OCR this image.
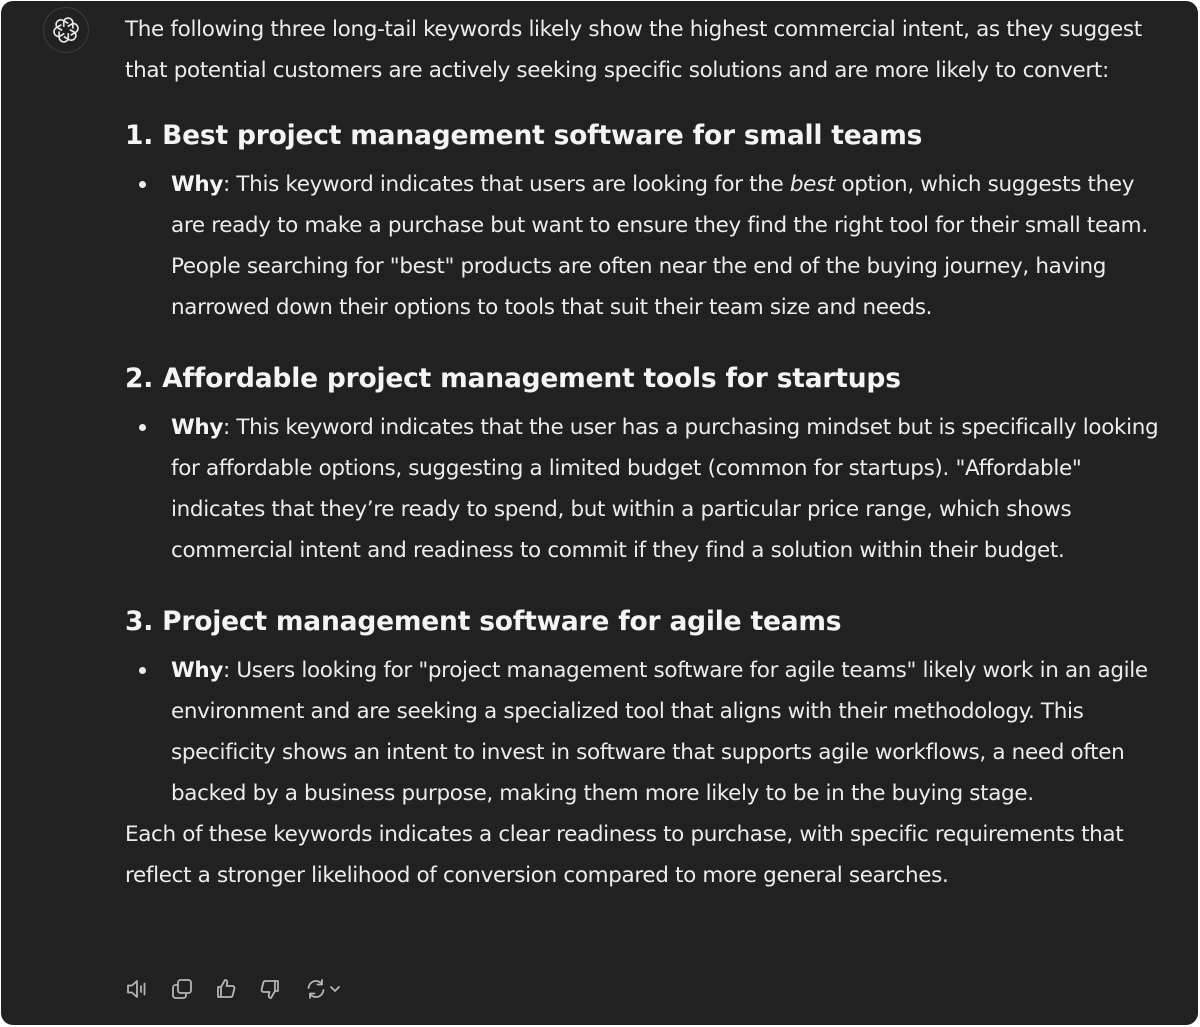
The following three long-tail keywords likely show the highest commercial intent, as they suggest that potential customers are actively seeking specific solutions and are more likely to convert:

1. Best project management software for small teams
Why: This keyword indicates that users are looking for the best option, which suggests they are ready to make a purchase but want to ensure they find the right tool for their small team. People searching for "best" products are often near the end of the buying journey, having narrowed down their options to tools that suit their team size and needs.
2. Affordable project management tools for startups
Why: This keyword indicates that the user has a purchasing mindset but is specifically looking for affordable options, suggesting a limited budget (common for startups). "Affordable" indicates that they’re ready to spend, but within a particular price range, which shows commercial intent and readiness to commit if they find a solution within their budget.
3. Project management software for agile teams
Why: Users looking for "project management software for agile teams" likely work in an agile environment and are seeking a specialized tool that aligns with their methodology. This specificity shows an intent to invest in software that supports agile workflows, a need often backed by a business purpose, making them more likely to be in the buying stage.

Each of these keywords indicates a clear readiness to purchase, with specific requirements that reflect a stronger likelihood of conversion compared to more general searches.
